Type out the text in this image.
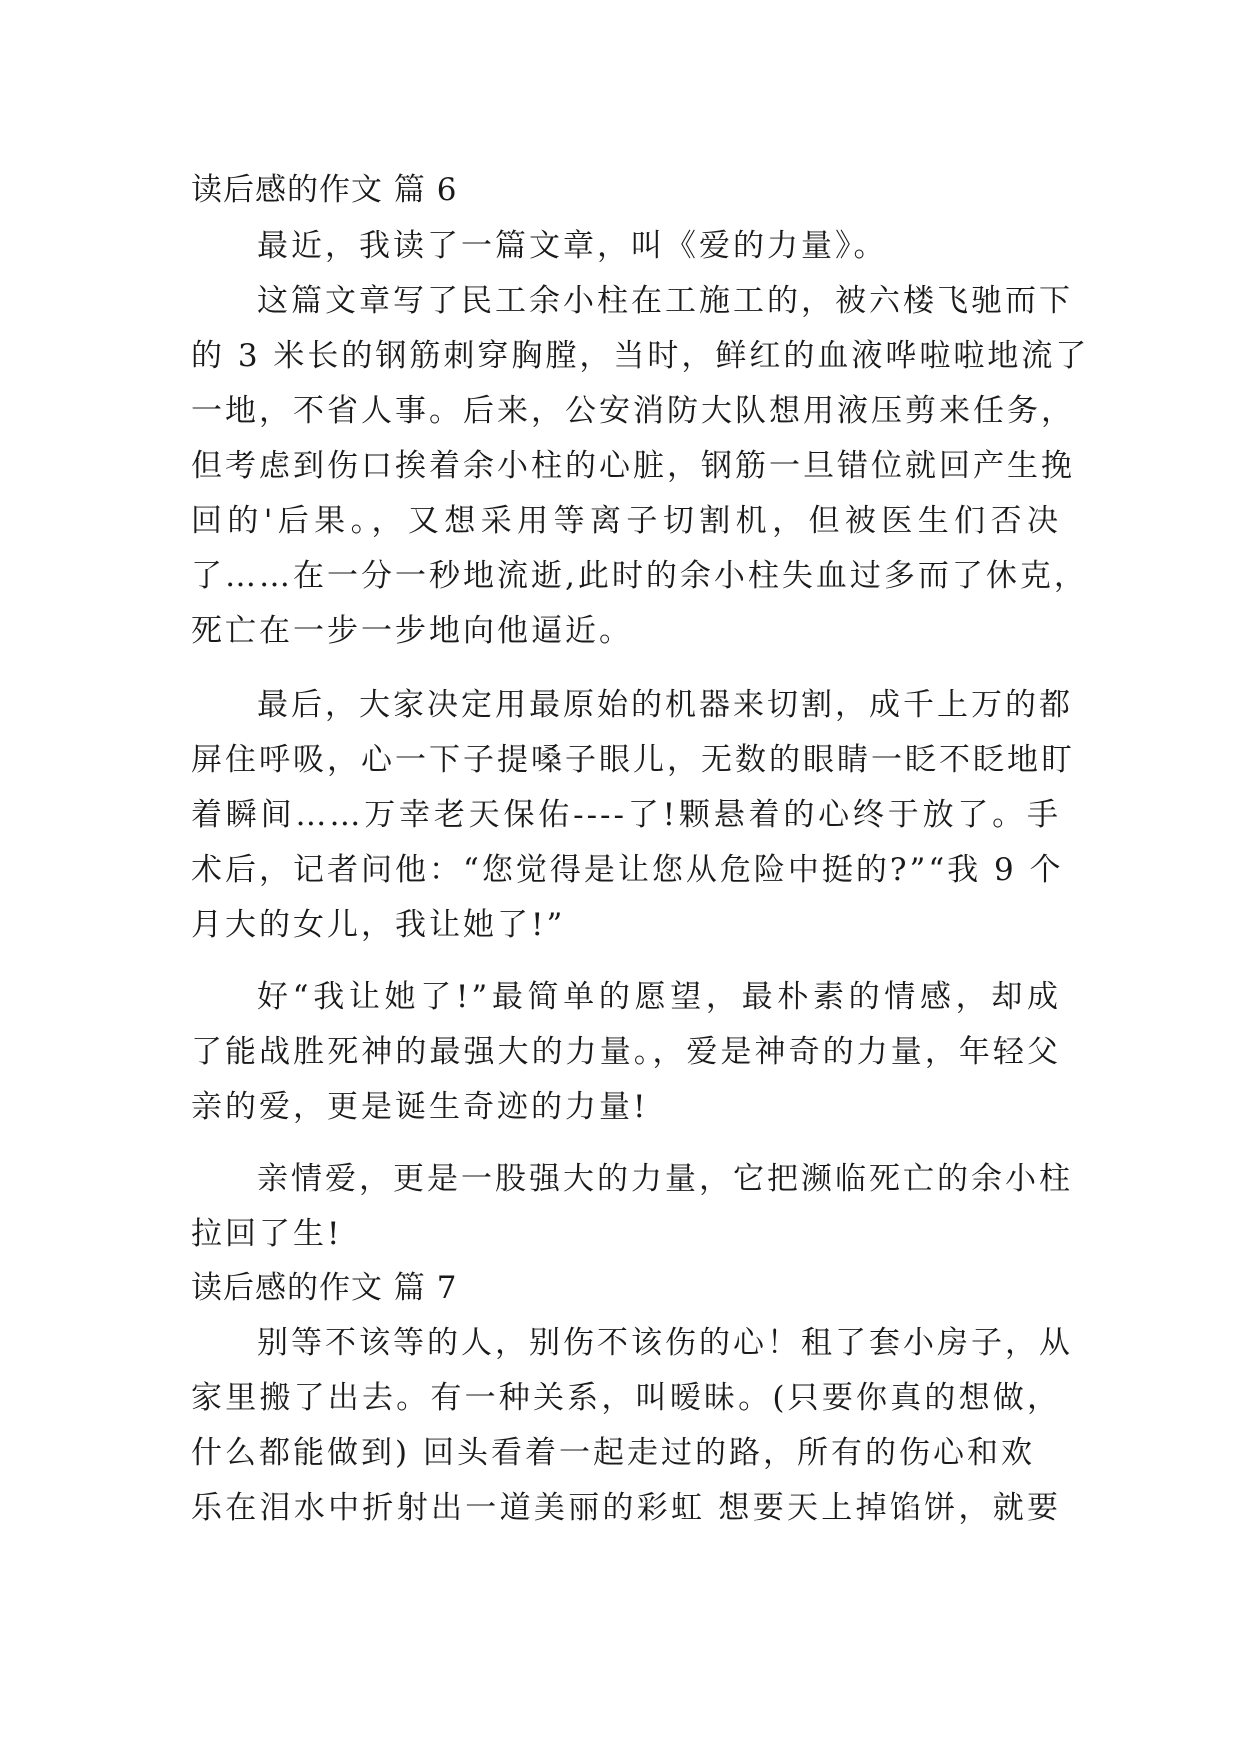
读后感的作文 篇 6
最近，我读了一篇文章，叫《爱的力量》。
这篇文章写了民工余小柱在工施工的，被六楼飞驰而下
的 3 米长的钢筋刺穿胸膛，当时，鲜红的血液哗啦啦地流了
一地，不省人事。后来，公安消防大队想用液压剪来任务，
但考虑到伤口挨着余小柱的心脏，钢筋一旦错位就回产生挽
回的'后果。，又想采用等离子切割机，但被医生们否决
了……在一分一秒地流逝,此时的余小柱失血过多而了休克，
死亡在一步一步地向他逼近。
最后，大家决定用最原始的机器来切割，成千上万的都
屏住呼吸，心一下子提嗓子眼儿，无数的眼睛一眨不眨地盯
着瞬间……万幸老天保佑----了!颗悬着的心终于放了。手
术后，记者问他：“您觉得是让您从危险中挺的?”“我 9 个
月大的女儿，我让她了!”
好“我让她了!”最简单的愿望，最朴素的情感，却成
了能战胜死神的最强大的力量。，爱是神奇的力量，年轻父
亲的爱，更是诞生奇迹的力量!
亲情爱，更是一股强大的力量，它把濒临死亡的余小柱
拉回了生!
读后感的作文 篇 7
别等不该等的人，别伤不该伤的心！租了套小房子，从
家里搬了出去。有一种关系，叫暧昧。(只要你真的想做，
什么都能做到) 回头看着一起走过的路，所有的伤心和欢
乐在泪水中折射出一道美丽的彩虹 想要天上掉馅饼，就要
